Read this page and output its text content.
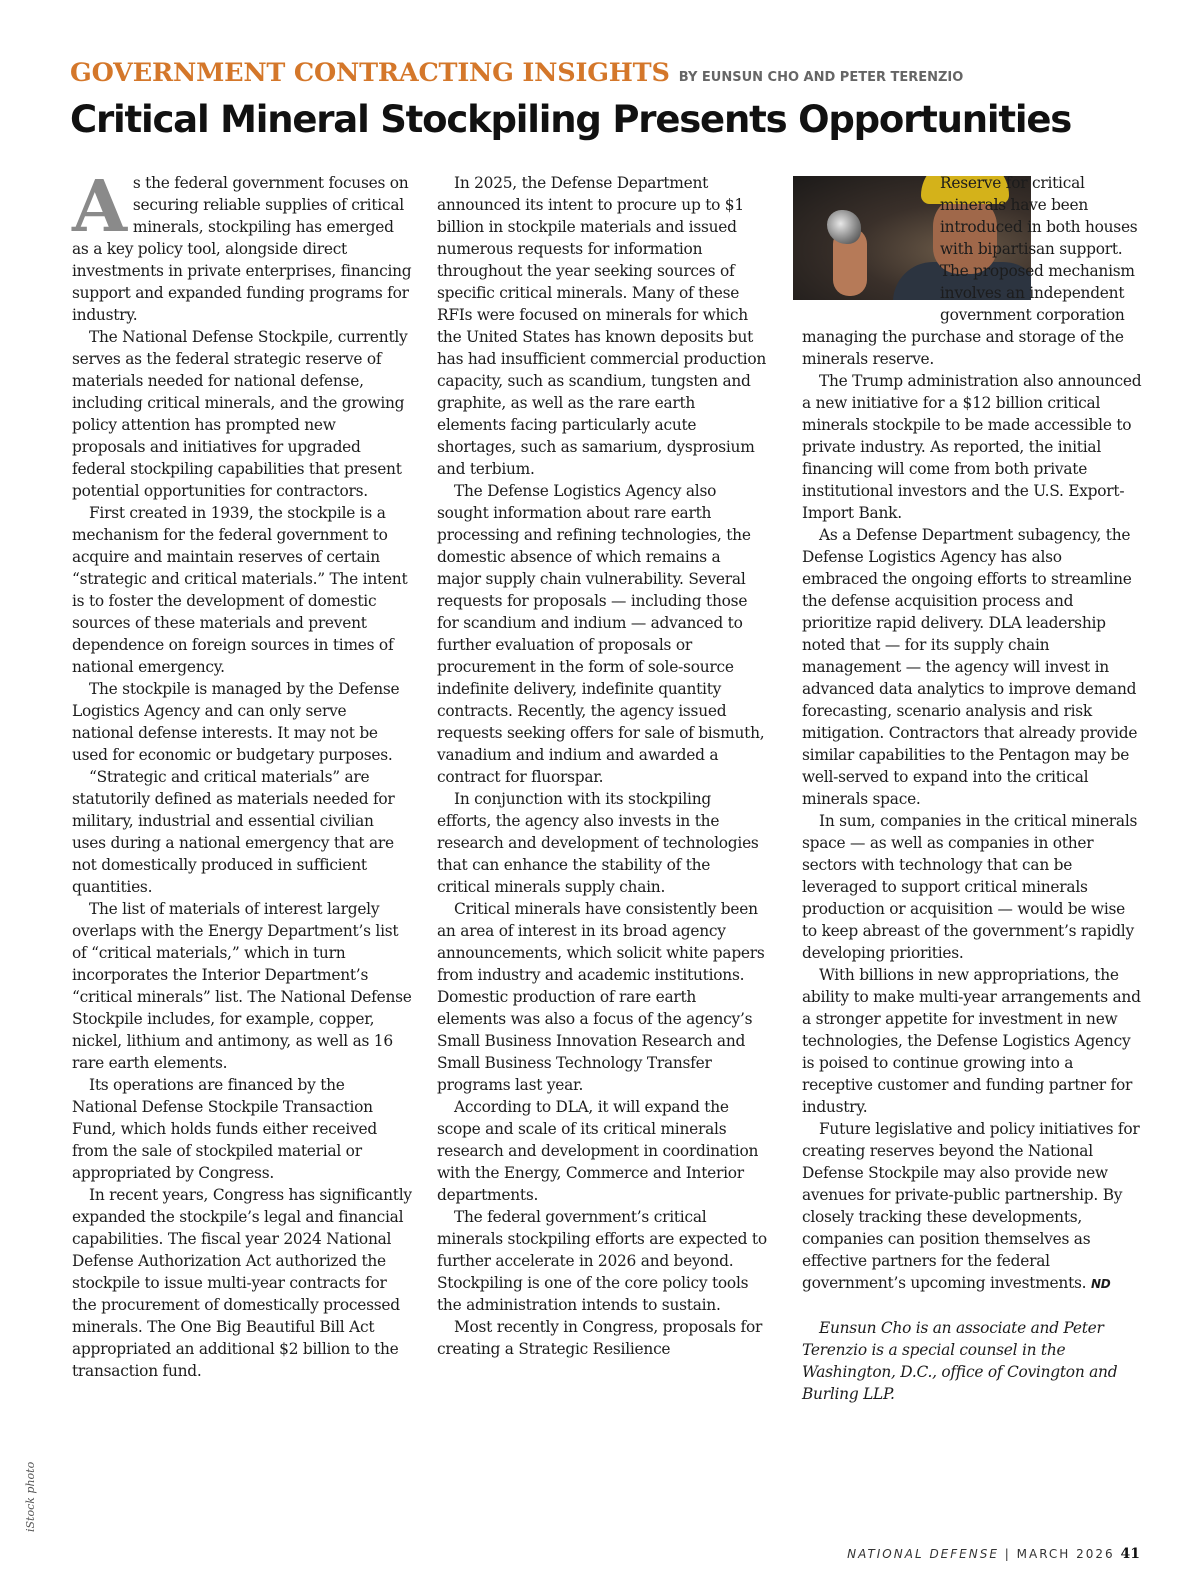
GOVERNMENT CONTRACTING INSIGHTS BY EUNSUN CHO AND PETER TERENZIO
Critical Mineral Stockpiling Presents Opportunities

As the federal government focuses on securing reliable supplies of critical minerals, stockpiling has emerged as a key policy tool, alongside direct investments in private enterprises, financing support and expanded funding programs for industry.

The National Defense Stockpile, currently serves as the federal strategic reserve of materials needed for national defense, including critical minerals, and the growing policy attention has prompted new proposals and initiatives for upgraded federal stockpiling capabilities that present potential opportunities for contractors.

First created in 1939, the stockpile is a mechanism for the federal government to acquire and maintain reserves of certain “strategic and critical materials.” The intent is to foster the development of domestic sources of these materials and prevent dependence on foreign sources in times of national emergency.

The stockpile is managed by the Defense Logistics Agency and can only serve national defense interests. It may not be used for economic or budgetary purposes.

“Strategic and critical materials” are statutorily defined as materials needed for military, industrial and essential civilian uses during a national emergency that are not domestically produced in sufficient quantities.

The list of materials of interest largely overlaps with the Energy Department’s list of “critical materials,” which in turn incorporates the Interior Department’s “critical minerals” list. The National Defense Stockpile includes, for example, copper, nickel, lithium and antimony, as well as 16 rare earth elements.

Its operations are financed by the National Defense Stockpile Transaction Fund, which holds funds either received from the sale of stockpiled material or appropriated by Congress.

In recent years, Congress has significantly expanded the stockpile’s legal and financial capabilities. The fiscal year 2024 National Defense Authorization Act authorized the stockpile to issue multi-year contracts for the procurement of domestically processed minerals. The One Big Beautiful Bill Act appropriated an additional $2 billion to the transaction fund.

In 2025, the Defense Department announced its intent to procure up to $1 billion in stockpile materials and issued numerous requests for information throughout the year seeking sources of specific critical minerals. Many of these RFIs were focused on minerals for which the United States has known deposits but has had insufficient commercial production capacity, such as scandium, tungsten and graphite, as well as the rare earth elements facing particularly acute shortages, such as samarium, dysprosium and terbium.

The Defense Logistics Agency also sought information about rare earth processing and refining technologies, the domestic absence of which remains a major supply chain vulnerability. Several requests for proposals — including those for scandium and indium — advanced to further evaluation of proposals or procurement in the form of sole-source indefinite delivery, indefinite quantity contracts. Recently, the agency issued requests seeking offers for sale of bismuth, vanadium and indium and awarded a contract for fluorspar.

In conjunction with its stockpiling efforts, the agency also invests in the research and development of technologies that can enhance the stability of the critical minerals supply chain.

Critical minerals have consistently been an area of interest in its broad agency announcements, which solicit white papers from industry and academic institutions. Domestic production of rare earth elements was also a focus of the agency’s Small Business Innovation Research and Small Business Technology Transfer programs last year.

According to DLA, it will expand the scope and scale of its critical minerals research and development in coordination with the Energy, Commerce and Interior departments.

The federal government’s critical minerals stockpiling efforts are expected to further accelerate in 2026 and beyond. Stockpiling is one of the core policy tools the administration intends to sustain.

Most recently in Congress, proposals for creating a Strategic Resilience

Reserve for critical minerals have been introduced in both houses with bipartisan support. The proposed mechanism involves an independent government corporation managing the purchase and storage of the minerals reserve.

The Trump administration also announced a new initiative for a $12 billion critical minerals stockpile to be made accessible to private industry. As reported, the initial financing will come from both private institutional investors and the U.S. Export-Import Bank.

As a Defense Department subagency, the Defense Logistics Agency has also embraced the ongoing efforts to streamline the defense acquisition process and prioritize rapid delivery. DLA leadership noted that — for its supply chain management — the agency will invest in advanced data analytics to improve demand forecasting, scenario analysis and risk mitigation. Contractors that already provide similar capabilities to the Pentagon may be well-served to expand into the critical minerals space.

In sum, companies in the critical minerals space — as well as companies in other sectors with technology that can be leveraged to support critical minerals production or acquisition — would be wise to keep abreast of the government’s rapidly developing priorities.

With billions in new appropriations, the ability to make multi-year arrangements and a stronger appetite for investment in new technologies, the Defense Logistics Agency is poised to continue growing into a receptive customer and funding partner for industry.

Future legislative and policy initiatives for creating reserves beyond the National Defense Stockpile may also provide new avenues for private-public partnership. By closely tracking these developments, companies can position themselves as effective partners for the federal government’s upcoming investments. ND

Eunsun Cho is an associate and Peter Terenzio is a special counsel in the Washington, D.C., office of Covington and Burling LLP.

iStock photo
NATIONAL DEFENSE | MARCH 2026 41
